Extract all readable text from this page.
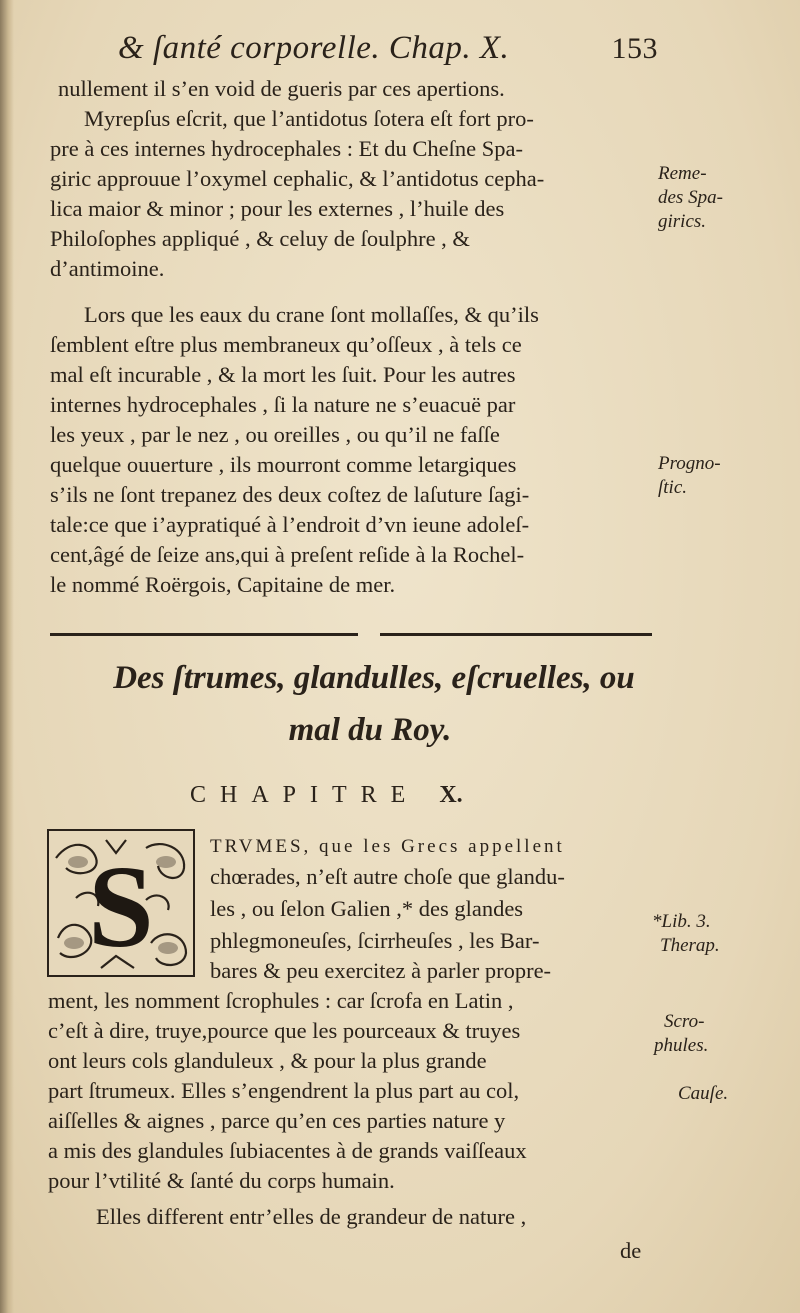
& ſanté corporelle. Chap. X.	153
nullement il s’en void de gueris par ces apertions.
Myrepſus eſcrit, que l’antidotus ſotera eſt fort pro-
pre à ces internes hydrocephales : Et du Cheſne Spa-
giric approuue l’oxymel cephalic, & l’antidotus cepha-
lica maior & minor ; pour les externes , l’huile des
Philoſophes appliqué , & celuy de ſoulphre , &
d’antimoine.
Lors que les eaux du crane ſont mollaſſes, & qu’ils
ſemblent eſtre plus membraneux qu’oſſeux , à tels ce
mal eſt incurable , & la mort les ſuit. Pour les autres
internes hydrocephales , ſi la nature ne s’euacuë par
les yeux , par le nez , ou oreilles , ou qu’il ne faſſe
quelque ouuerture , ils mourront comme letargiques
s’ils ne ſont trepanez des deux coſtez de laſuture ſagi-
tale:ce que i’aypratiqué à l’endroit d’vn ieune adoleſ-
cent,âgé de ſeize ans,qui à preſent reſide à la Rochel-
le nommé Roërgois, Capitaine de mer.
Reme-
des Spa-
girics.
Progno-
ſtic.
Des ſtrumes, glandulles, eſcruelles, ou
mal du Roy.
CHAPITRE X.
S	TRVMES, que les Grecs appellent
chœrades, n’eſt autre choſe que glandu-
les , ou ſelon Galien ,* des glandes
phlegmoneuſes, ſcirrheuſes , les Bar-
bares & peu exercitez à parler propre-
ment, les nomment ſcrophules : car ſcrofa en Latin ,
c’eſt à dire, truye,pource que les pourceaux & truyes
ont leurs cols glanduleux , & pour la plus grande
part ſtrumeux. Elles s’engendrent la plus part au col,
aiſſelles & aignes , parce qu’en ces parties nature y
a mis des glandules ſubiacentes à de grands vaiſſeaux
pour l’vtilité & ſanté du corps humain.
Elles different entr’elles de grandeur de nature ,
de
*Lib. 3.
Therap.
Scro-
phules.
Cauſe.
